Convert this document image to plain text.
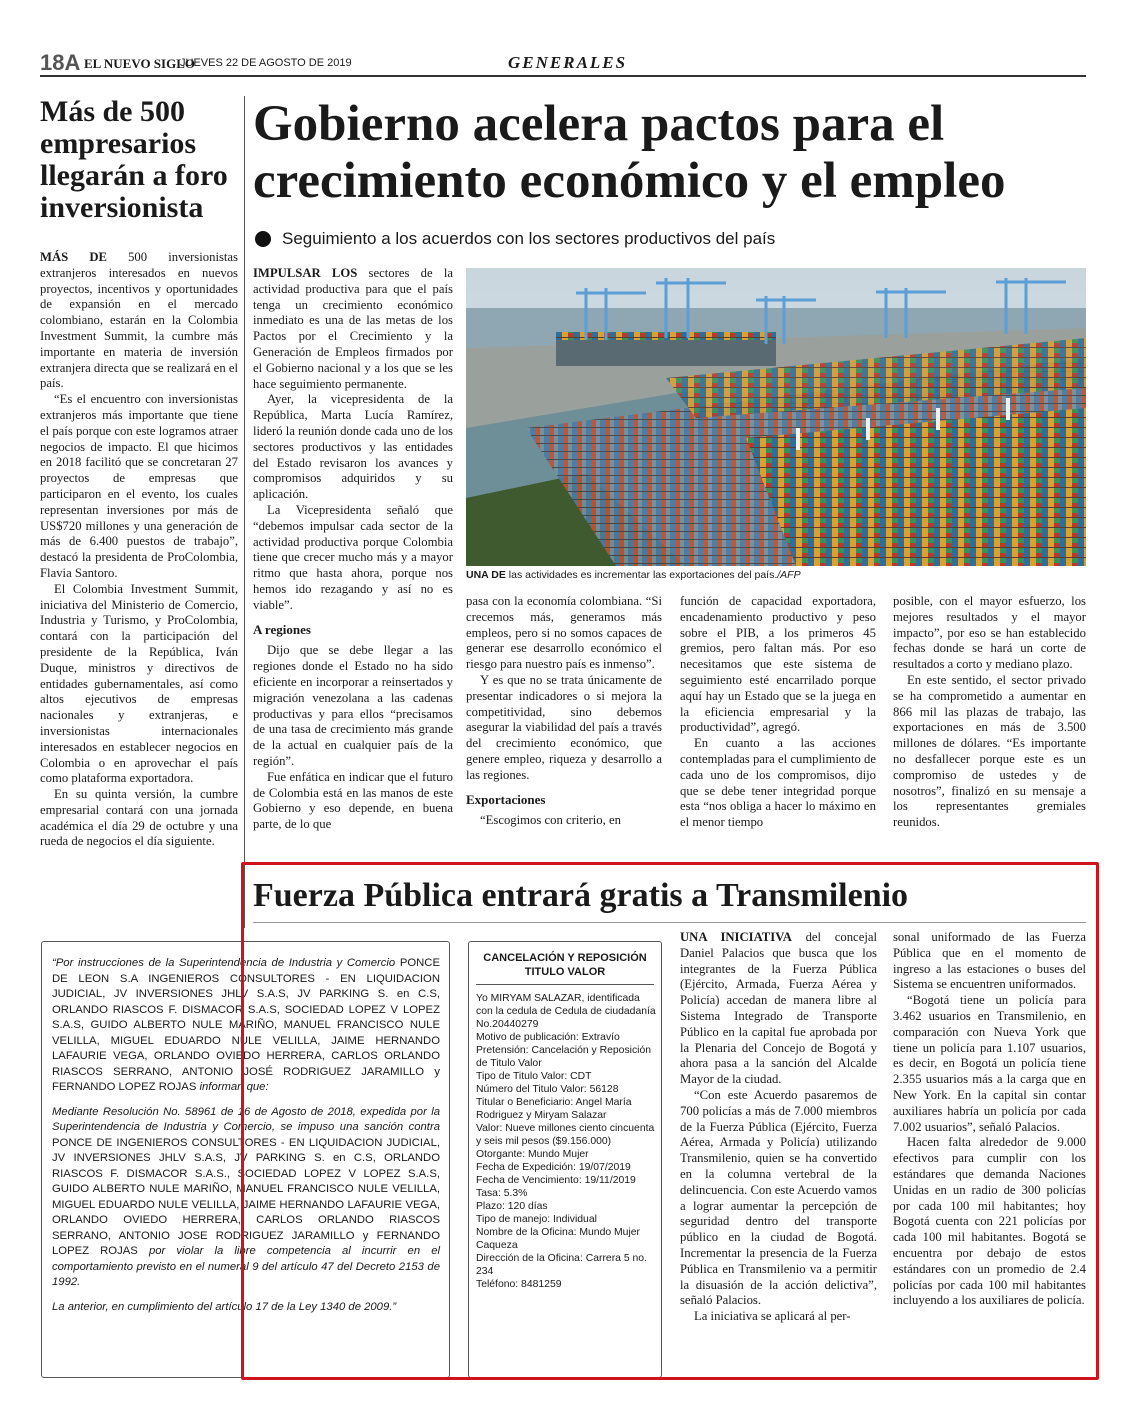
18A EL NUEVO SIGLO
JUEVES 22 DE AGOSTO DE 2019	GENERALES
Más de 500 empresarios llegarán a foro inversionista

MÁS DE 500 inversionistas extranjeros interesados en nuevos proyectos, incentivos y oportunidades de expansión en el mercado colombiano, estarán en la Colombia Investment Summit, la cumbre más importante en materia de inversión extranjera directa que se realizará en el país.

“Es el encuentro con inversionistas extranjeros más importante que tiene el país porque con este logramos atraer negocios de impacto. El que hicimos en 2018 facilitó que se concretaran 27 proyectos de empresas que participaron en el evento, los cuales representan inversiones por más de US$720 millones y una generación de más de 6.400 puestos de trabajo”, destacó la presidenta de ProColombia, Flavia Santoro.

El Colombia Investment Summit, iniciativa del Ministerio de Comercio, Industria y Turismo, y ProColombia, contará con la participación del presidente de la República, Iván Duque, ministros y directivos de entidades gubernamentales, así como altos ejecutivos de empresas nacionales y extranjeras, e inversionistas internacionales interesados en establecer negocios en Colombia o en aprovechar el país como plataforma exportadora.

En su quinta versión, la cumbre empresarial contará con una jornada académica el día 29 de octubre y una rueda de negocios el día siguiente.

Gobierno acelera pactos para el crecimiento económico y el empleo
Seguimiento a los acuerdos con los sectores productivos del país

IMPULSAR LOS sectores de la actividad productiva para que el país tenga un crecimiento económico inmediato es una de las metas de los Pactos por el Crecimiento y la Generación de Empleos firmados por el Gobierno nacional y a los que se les hace seguimiento permanente.

Ayer, la vicepresidenta de la República, Marta Lucía Ramírez, lideró la reunión donde cada uno de los sectores productivos y las entidades del Estado revisaron los avances y compromisos adquiridos y su aplicación.

La Vicepresidenta señaló que “debemos impulsar cada sector de la actividad productiva porque Colombia tiene que crecer mucho más y a mayor ritmo que hasta ahora, porque nos hemos ido rezagando y así no es viable”.

A regiones

Dijo que se debe llegar a las regiones donde el Estado no ha sido eficiente en incorporar a reinsertados y migración venezolana a las cadenas productivas y para ellos “precisamos de una tasa de crecimiento más grande de la actual en cualquier país de la región”.

Fue enfática en indicar que el futuro de Colombia está en las manos de este Gobierno y eso depende, en buena parte, de lo que

UNA DE las actividades es incrementar las exportaciones del país./AFP

pasa con la economía colombiana. “Si crecemos más, generamos más empleos, pero si no somos capaces de generar ese desarrollo económico el riesgo para nuestro país es inmenso”.

Y es que no se trata únicamente de presentar indicadores o si mejora la competitividad, sino debemos asegurar la viabilidad del país a través del crecimiento económico, que genere empleo, riqueza y desarrollo a las regiones.

Exportaciones

“Escogimos con criterio, en

función de capacidad exportadora, encadenamiento productivo y peso sobre el PIB, a los primeros 45 gremios, pero faltan más. Por eso necesitamos que este sistema de seguimiento esté encarrilado porque aquí hay un Estado que se la juega en la eficiencia empresarial y la productividad”, agregó.

En cuanto a las acciones contempladas para el cumplimiento de cada uno de los compromisos, dijo que se debe tener integridad porque esta “nos obliga a hacer lo máximo en el menor tiempo

posible, con el mayor esfuerzo, los mejores resultados y el mayor impacto”, por eso se han establecido fechas donde se hará un corte de resultados a corto y mediano plazo.

En este sentido, el sector privado se ha comprometido a aumentar en 866 mil las plazas de trabajo, las exportaciones en más de 3.500 millones de dólares. “Es importante no desfallecer porque este es un compromiso de ustedes y de nosotros”, finalizó en su mensaje a los representantes gremiales reunidos.

Fuerza Pública entrará gratis a Transmilenio

UNA INICIATIVA del concejal Daniel Palacios que busca que los integrantes de la Fuerza Pública (Ejército, Armada, Fuerza Aérea y Policía) accedan de manera libre al Sistema Integrado de Transporte Público en la capital fue aprobada por la Plenaria del Concejo de Bogotá y ahora pasa a la sanción del Alcalde Mayor de la ciudad.

“Con este Acuerdo pasaremos de 700 policías a más de 7.000 miembros de la Fuerza Pública (Ejército, Fuerza Aérea, Armada y Policía) utilizando Transmilenio, quien se ha convertido en la columna vertebral de la delincuencia. Con este Acuerdo vamos a lograr aumentar la percepción de seguridad dentro del transporte público en la ciudad de Bogotá. Incrementar la presencia de la Fuerza Pública en Transmilenio va a permitir la disuasión de la acción delictiva”, señaló Palacios.

La iniciativa se aplicará al per-

sonal uniformado de las Fuerza Pública que en el momento de ingreso a las estaciones o buses del Sistema se encuentren uniformados.

“Bogotá tiene un policía para 3.462 usuarios en Transmilenio, en comparación con Nueva York que tiene un policía para 1.107 usuarios, es decir, en Bogotá un policía tiene 2.355 usuarios más a la carga que en New York. En la capital sin contar auxiliares habría un policía por cada 7.002 usuarios”, señaló Palacios.

Hacen falta alrededor de 9.000 efectivos para cumplir con los estándares que demanda Naciones Unidas en un radio de 300 policías por cada 100 mil habitantes; hoy Bogotá cuenta con 221 policías por cada 100 mil habitantes. Bogotá se encuentra por debajo de estos estándares con un promedio de 2.4 policías por cada 100 mil habitantes incluyendo a los auxiliares de policía.

“Por instrucciones de la Superintendencia de Industria y Comercio PONCE DE LEON S.A INGENIEROS CONSULTORES - EN LIQUIDACION JUDICIAL, JV INVERSIONES JHLV S.A.S, JV PARKING S. en C.S, ORLANDO RIASCOS F. DISMACOR S.A.S, SOCIEDAD LOPEZ V LOPEZ S.A.S, GUIDO ALBERTO NULE MARIÑO, MANUEL FRANCISCO NULE VELILLA, MIGUEL EDUARDO NULE VELILLA, JAIME HERNANDO LAFAURIE VEGA, ORLANDO OVIEDO HERRERA, CARLOS ORLANDO RIASCOS SERRANO, ANTONIO JOSÉ RODRIGUEZ JARAMILLO y FERNANDO LOPEZ ROJAS informan que:

Mediante Resolución No. 58961 de 16 de Agosto de 2018, expedida por la Superintendencia de Industria y Comercio, se impuso una sanción contra PONCE DE INGENIEROS CONSULTORES - EN LIQUIDACION JUDICIAL, JV INVERSIONES JHLV S.A.S, JV PARKING S. en C.S, ORLANDO RIASCOS F. DISMACOR S.A.S., SOCIEDAD LOPEZ V LOPEZ S.A.S, GUIDO ALBERTO NULE MARIÑO, MANUEL FRANCISCO NULE VELILLA, MIGUEL EDUARDO NULE VELILLA, JAIME HERNANDO LAFAURIE VEGA, ORLANDO OVIEDO HERRERA, CARLOS ORLANDO RIASCOS SERRANO, ANTONIO JOSE RODRIGUEZ JARAMILLO y FERNANDO LOPEZ ROJAS por violar la libre competencia al incurrir en el comportamiento previsto en el numeral 9 del artículo 47 del Decreto 2153 de 1992.

La anterior, en cumplimiento del artículo 17 de la Ley 1340 de 2009.”

CANCELACIÓN Y REPOSICIÓN TITULO VALOR
Yo MIRYAM SALAZAR, identificada con la cedula de Cedula de ciudadanía No.20440279
Motivo de publicación: Extravío
Pretensión: Cancelación y Reposición de Titulo Valor
Tipo de Titulo Valor: CDT
Número del Titulo Valor: 56128
Titular o Beneficiario: Angel María Rodriguez y Miryam Salazar
Valor: Nueve millones ciento cincuenta y seis mil pesos ($9.156.000)
Otorgante: Mundo Mujer
Fecha de Expedición: 19/07/2019
Fecha de Vencimiento: 19/11/2019
Tasa: 5.3%
Plazo: 120 días
Tipo de manejo: Individual
Nombre de la Oficina: Mundo Mujer Caqueza
Dirección de la Oficina: Carrera 5 no. 234
Teléfono: 8481259
